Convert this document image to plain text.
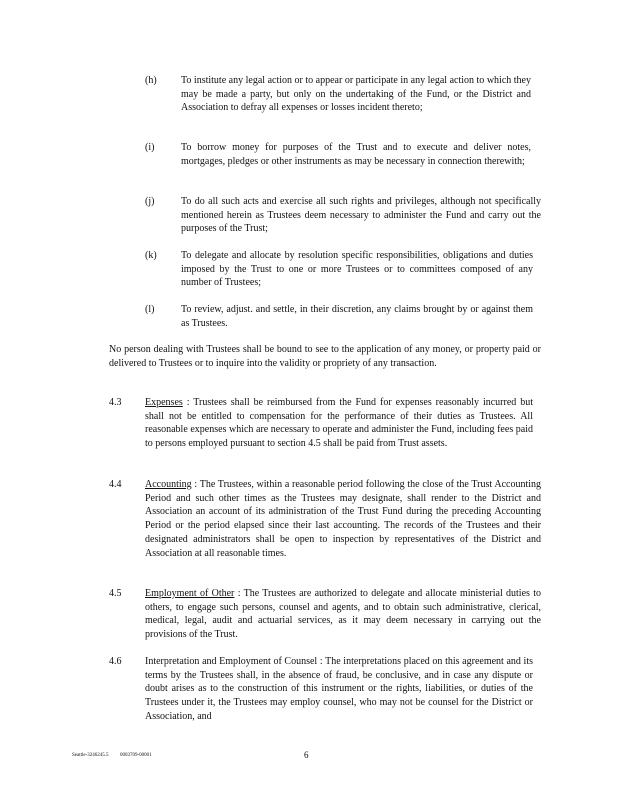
(h) To institute any legal action or to appear or participate in any legal action to which they may be made a party, but only on the undertaking of the Fund, or the District and Association to defray all expenses or losses incident thereto;
(i)	To borrow money for purposes of the Trust and to execute and deliver notes, mortgages, pledges or other instruments as may be necessary in connection therewith;
(j)	To do all such acts and exercise all such rights and privileges, although not specifically mentioned herein as Trustees deem necessary to administer the Fund and carry out the purposes of the Trust;
(k) To delegate and allocate by resolution specific responsibilities, obligations and duties imposed by the Trust to one or more Trustees or to committees composed of any number of Trustees;
(l)	To review, adjust. and settle, in their discretion, any claims brought by or against them as Trustees.
No person dealing with Trustees shall be bound to see to the application of any money, or property paid or delivered to Trustees or to inquire into the validity or propriety of any transaction.
4.3 Expenses : Trustees shall be reimbursed from the Fund for expenses reasonably incurred but shall not be entitled to compensation for the performance of their duties as Trustees. All reasonable expenses which are necessary to operate and administer the Fund, including fees paid to persons employed pursuant to section 4.5 shall be paid from Trust assets.
4.4 Accounting : The Trustees, within a reasonable period following the close of the Trust Accounting Period and such other times as the Trustees may designate, shall render to the District and Association an account of its administration of the Trust Fund during the preceding Accounting Period or the period elapsed since their last accounting. The records of the Trustees and their designated administrators shall be open to inspection by representatives of the District and Association at all reasonable times.
4.5 Employment of Other : The Trustees are authorized to delegate and allocate ministerial duties to others, to engage such persons, counsel and agents, and to obtain such administrative, clerical, medical, legal, audit and actuarial services, as it may deem necessary in carrying out the provisions of the Trust.
4.6 Interpretation and Employment of Counsel : The interpretations placed on this agreement and its terms by the Trustees shall, in the absence of fraud, be conclusive, and in case any dispute or doubt arises as to the construction of this instrument or the rights, liabilities, or duties of the Trustees under it, the Trustees may employ counsel, who may not be counsel for the District or Association, and
Seattle-3246245.5 0003709-00001	6
